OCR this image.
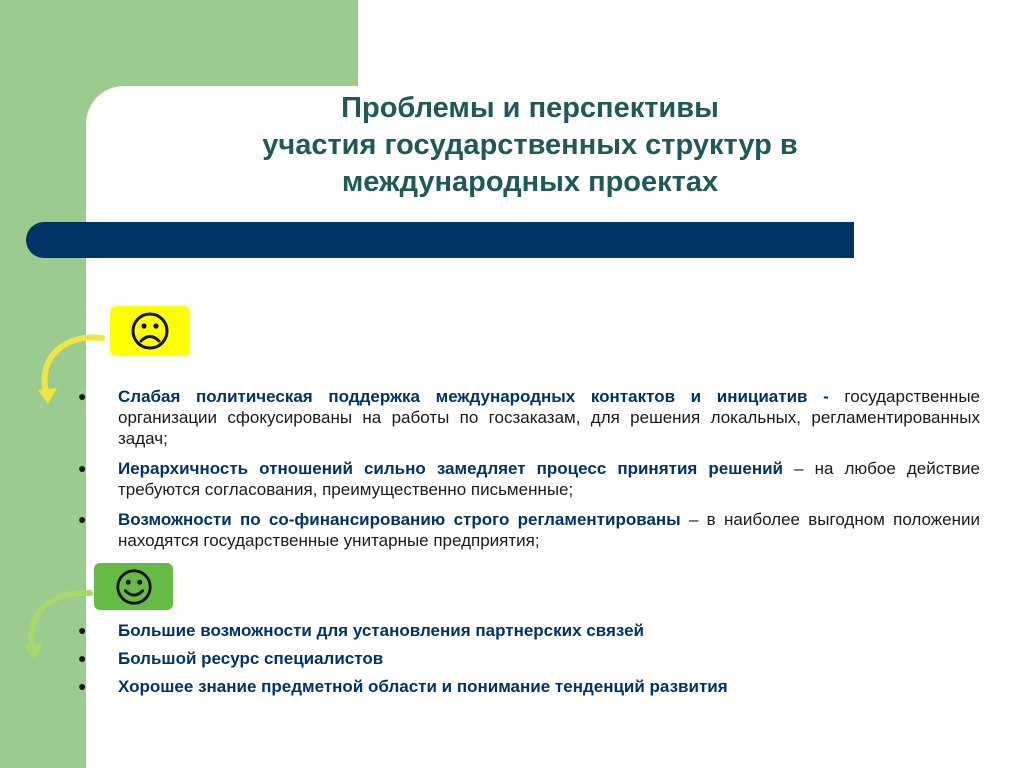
Проблемы и перспективы
участия государственных структур в
международных проектах
● Слабая политическая поддержка международных контактов и инициатив - государственные организации сфокусированы на работы по госзаказам, для решения локальных, регламентированных задач;
● Иерархичность отношений сильно замедляет процесс принятия решений – на любое действие требуются согласования, преимущественно письменные;
● Возможности по со-финансированию строго регламентированы – в наиболее выгодном положении находятся государственные унитарные предприятия;
● Большие возможности для установления партнерских связей
● Большой ресурс специалистов
● Хорошее знание предметной области и понимание тенденций развития
